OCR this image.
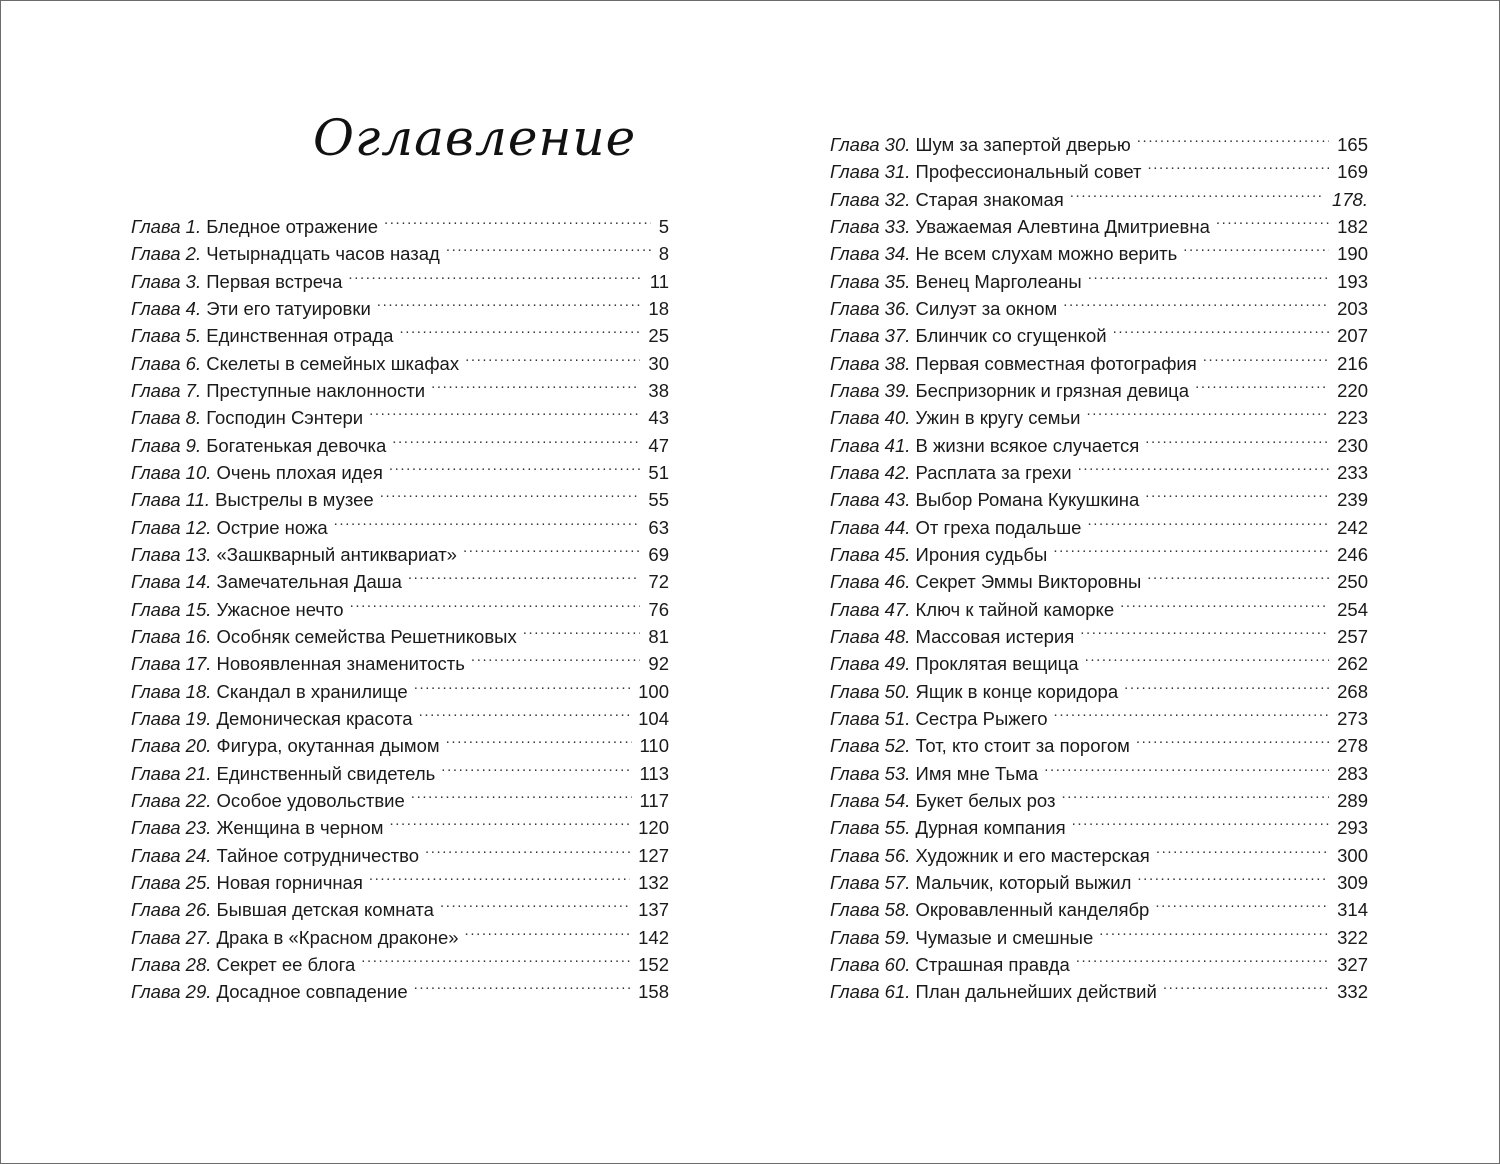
Оглавление
Глава 1. Бледное отражение .....	5
Глава 2. Четырнадцать часов назад .....	8
Глава 3. Первая встреча .....	11
Глава 4. Эти его татуировки .....	18
Глава 5. Единственная отрада .....	25
Глава 6. Скелеты в семейных шкафах .....	30
Глава 7. Преступные наклонности .....	38
Глава 8. Господин Сэнтери .....	43
Глава 9. Богатенькая девочка .....	47
Глава 10. Очень плохая идея .....	51
Глава 11. Выстрелы в музее .....	55
Глава 12. Острие ножа .....	63
Глава 13. «Зашкварный антиквариат» .....	69
Глава 14. Замечательная Даша .....	72
Глава 15. Ужасное нечто .....	76
Глава 16. Особняк семейства Решетниковых .....	81
Глава 17. Новоявленная знаменитость .....	92
Глава 18. Скандал в хранилище .....	100
Глава 19. Демоническая красота .....	104
Глава 20. Фигура, окутанная дымом .....	110
Глава 21. Единственный свидетель .....	113
Глава 22. Особое удовольствие .....	117
Глава 23. Женщина в черном .....	120
Глава 24. Тайное сотрудничество .....	127
Глава 25. Новая горничная .....	132
Глава 26. Бывшая детская комната .....	137
Глава 27. Драка в «Красном драконе» .....	142
Глава 28. Секрет ее блога .....	152
Глава 29. Досадное совпадение .....	158
Глава 30. Шум за запертой дверью .....	165
Глава 31. Профессиональный совет .....	169
Глава 32. Старая знакомая .....	178.
Глава 33. Уважаемая Алевтина Дмитриевна .....	182
Глава 34. Не всем слухам можно верить .....	190
Глава 35. Венец Марголеаны .....	193
Глава 36. Силуэт за окном .....	203
Глава 37. Блинчик со сгущенкой .....	207
Глава 38. Первая совместная фотография .....	216
Глава 39. Беспризорник и грязная девица .....	220
Глава 40. Ужин в кругу семьи .....	223
Глава 41. В жизни всякое случается .....	230
Глава 42. Расплата за грехи .....	233
Глава 43. Выбор Романа Кукушкина .....	239
Глава 44. От греха подальше .....	242
Глава 45. Ирония судьбы .....	246
Глава 46. Секрет Эммы Викторовны .....	250
Глава 47. Ключ к тайной каморке .....	254
Глава 48. Массовая истерия .....	257
Глава 49. Проклятая вещица .....	262
Глава 50. Ящик в конце коридора .....	268
Глава 51. Сестра Рыжего .....	273
Глава 52. Тот, кто стоит за порогом .....	278
Глава 53. Имя мне Тьма .....	283
Глава 54. Букет белых роз .....	289
Глава 55. Дурная компания .....	293
Глава 56. Художник и его мастерская .....	300
Глава 57. Мальчик, который выжил .....	309
Глава 58. Окровавленный канделябр .....	314
Глава 59. Чумазые и смешные .....	322
Глава 60. Страшная правда .....	327
Глава 61. План дальнейших действий .....	332
